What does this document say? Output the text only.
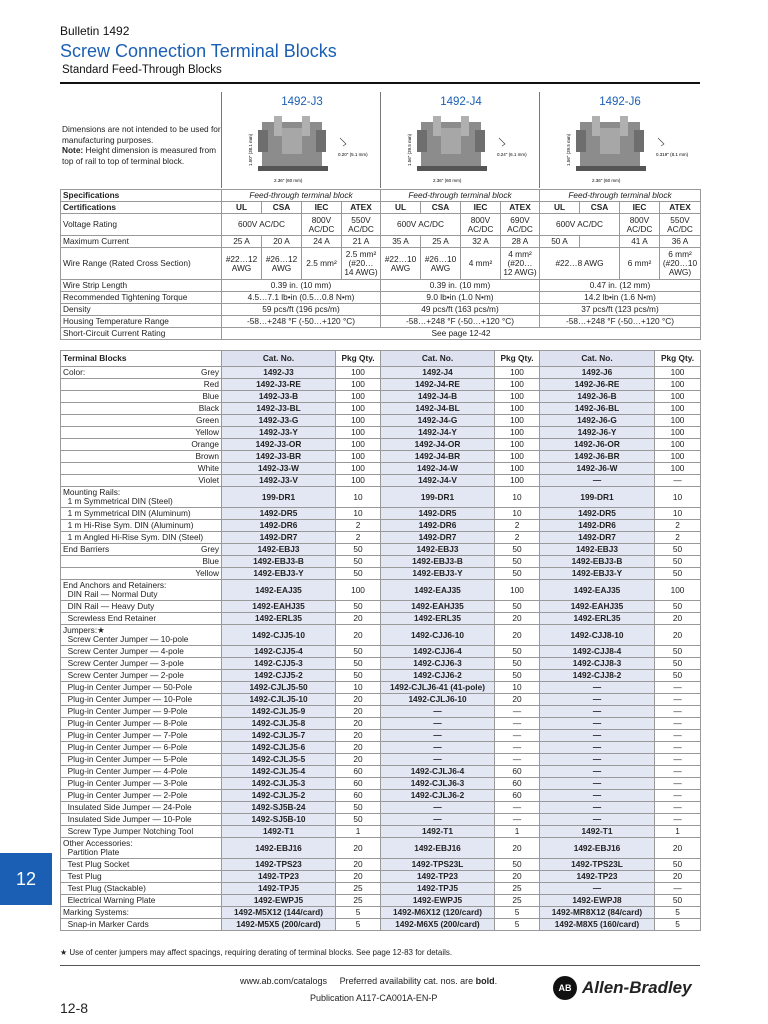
Bulletin 1492
Screw Connection Terminal Blocks
Standard Feed-Through Blocks
1492-J3	1492-J4	1492-J6
Dimensions are not intended to be used for manufacturing purposes.
Note: Height dimension is measured from top of rail to top of terminal block.	1.50" (38.1 mm)
2.36" (60 mm)
0.20" (5.1 mm)	1.56" (39.5 mm)
2.36" (60 mm)
0.24" (6.1 mm)	1.56" (39.5 mm)
2.36" (60 mm)
0.319" (8.1 mm)
Specifications	Feed-through terminal block				Feed-through terminal block				Feed-through terminal block			
Certifications	UL	CSA	IEC	ATEX	UL	CSA	IEC	ATEX	UL	CSA	IEC	ATEX
Voltage Rating	600V AC/DC		800V AC/DC	550V AC/DC	600V AC/DC		800V AC/DC	690V AC/DC	600V AC/DC		800V AC/DC	550V AC/DC
Maximum Current	25 A	20 A	24 A	21 A	35 A	25 A	32 A	28 A	50 A		41 A	36 A
Wire Range (Rated Cross Section)	#22…12 AWG	#26…12 AWG	2.5 mm²	2.5 mm² (#20…14 AWG)	#22…10 AWG	#26…10 AWG	4 mm²	4 mm² (#20…12 AWG)	#22…8 AWG		6 mm²	6 mm² (#20…10 AWG)
Wire Strip Length	0.39 in. (10 mm)				0.39 in. (10 mm)				0.47 in. (12 mm)			
Recommended Tightening Torque	4.5…7.1 lb•in (0.5…0.8 N•m)				9.0 lb•in (1.0 N•m)				14.2 lb•in (1.6 N•m)			
Density	59 pcs/ft (196 pcs/m)				49 pcs/ft (163 pcs/m)				37 pcs/ft (123 pcs/m)			
Housing Temperature Range	-58…+248 °F (-50…+120 °C)				-58…+248 °F (-50…+120 °C)				-58…+248 °F (-50…+120 °C)			
Short-Circuit Current Rating	See page 12-42											
Terminal Blocks	Cat. No.	Pkg Qty.	Cat. No.	Pkg Qty.	Cat. No.	Pkg Qty.
Color: Grey	1492-J3	100	1492-J4	100	1492-J6	100

Red	1492-J3-RE	100	1492-J4-RE	100	1492-J6-RE	100

Blue	1492-J3-B	100	1492-J4-B	100	1492-J6-B	100

Black	1492-J3-BL	100	1492-J4-BL	100	1492-J6-BL	100

Green	1492-J3-G	100	1492-J4-G	100	1492-J6-G	100

Yellow	1492-J3-Y	100	1492-J4-Y	100	1492-J6-Y	100

Orange	1492-J3-OR	100	1492-J4-OR	100	1492-J6-OR	100

Brown	1492-J3-BR	100	1492-J4-BR	100	1492-J6-BR	100

White	1492-J3-W	100	1492-J4-W	100	1492-J6-W	100

Violet	1492-J3-V	100	1492-J4-V	100	—	—
Mounting Rails:
1 m Symmetrical DIN (Steel)	199-DR1	10	199-DR1	10	199-DR1	10
1 m Symmetrical DIN (Aluminum)	1492-DR5	10	1492-DR5	10	1492-DR5	10
1 m Hi-Rise Sym. DIN (Aluminum)	1492-DR6	2	1492-DR6	2	1492-DR6	2
1 m Angled Hi-Rise Sym. DIN (Steel)	1492-DR7	2	1492-DR7	2	1492-DR7	2
End Barriers Grey	1492-EBJ3	50	1492-EBJ3	50	1492-EBJ3	50

Blue	1492-EBJ3-B	50	1492-EBJ3-B	50	1492-EBJ3-B	50

Yellow	1492-EBJ3-Y	50	1492-EBJ3-Y	50	1492-EBJ3-Y	50
End Anchors and Retainers:
DIN Rail — Normal Duty	1492-EAJ35	100	1492-EAJ35	100	1492-EAJ35	100
DIN Rail — Heavy Duty	1492-EAHJ35	50	1492-EAHJ35	50	1492-EAHJ35	50
Screwless End Retainer	1492-ERL35	20	1492-ERL35	20	1492-ERL35	20
Jumpers:★
Screw Center Jumper — 10-pole	1492-CJJ5-10	20	1492-CJJ6-10	20	1492-CJJ8-10	20
Screw Center Jumper — 4-pole	1492-CJJ5-4	50	1492-CJJ6-4	50	1492-CJJ8-4	50
Screw Center Jumper — 3-pole	1492-CJJ5-3	50	1492-CJJ6-3	50	1492-CJJ8-3	50
Screw Center Jumper — 2-pole	1492-CJJ5-2	50	1492-CJJ6-2	50	1492-CJJ8-2	50
Plug-in Center Jumper — 50-Pole	1492-CJLJ5-50	10	1492-CJLJ6-41 (41-pole)	10	—	—
Plug-in Center Jumper — 10-Pole	1492-CJLJ5-10	20	1492-CJLJ6-10	20	—	—
Plug-in Center Jumper — 9-Pole	1492-CJLJ5-9	20	—	—	—	—
Plug-in Center Jumper — 8-Pole	1492-CJLJ5-8	20	—	—	—	—
Plug-in Center Jumper — 7-Pole	1492-CJLJ5-7	20	—	—	—	—
Plug-in Center Jumper — 6-Pole	1492-CJLJ5-6	20	—	—	—	—
Plug-in Center Jumper — 5-Pole	1492-CJLJ5-5	20	—	—	—	—
Plug-in Center Jumper — 4-Pole	1492-CJLJ5-4	60	1492-CJLJ6-4	60	—	—
Plug-in Center Jumper — 3-Pole	1492-CJLJ5-3	60	1492-CJLJ6-3	60	—	—
Plug-in Center Jumper — 2-Pole	1492-CJLJ5-2	60	1492-CJLJ6-2	60	—	—
Insulated Side Jumper — 24-Pole	1492-SJ5B-24	50	—	—	—	—
Insulated Side Jumper — 10-Pole	1492-SJ5B-10	50	—	—	—	—
Screw Type Jumper Notching Tool	1492-T1	1	1492-T1	1	1492-T1	1
Other Accessories:
Partition Plate	1492-EBJ16	20	1492-EBJ16	20	1492-EBJ16	20
Test Plug Socket	1492-TPS23	20	1492-TPS23L	50	1492-TPS23L	50
Test Plug	1492-TP23	20	1492-TP23	20	1492-TP23	20
Test Plug (Stackable)	1492-TPJ5	25	1492-TPJ5	25	—	—
Electrical Warning Plate	1492-EWPJ5	25	1492-EWPJ5	25	1492-EWPJ8	50
Marking Systems:	1492-M5X12 (144/card)	5	1492-M6X12 (120/card)	5	1492-MR8X12 (84/card)	5
Snap-in Marker Cards	1492-M5X5 (200/card)	5	1492-M6X5 (200/card)	5	1492-M8X5 (160/card)	5
12
★ Use of center jumpers may affect spacings, requiring derating of terminal blocks. See page 12-83 for details.
12-8
www.ab.com/catalogs Preferred availability cat. nos. are bold.
Publication A117-CA001A-EN-P
AB Allen-Bradley
